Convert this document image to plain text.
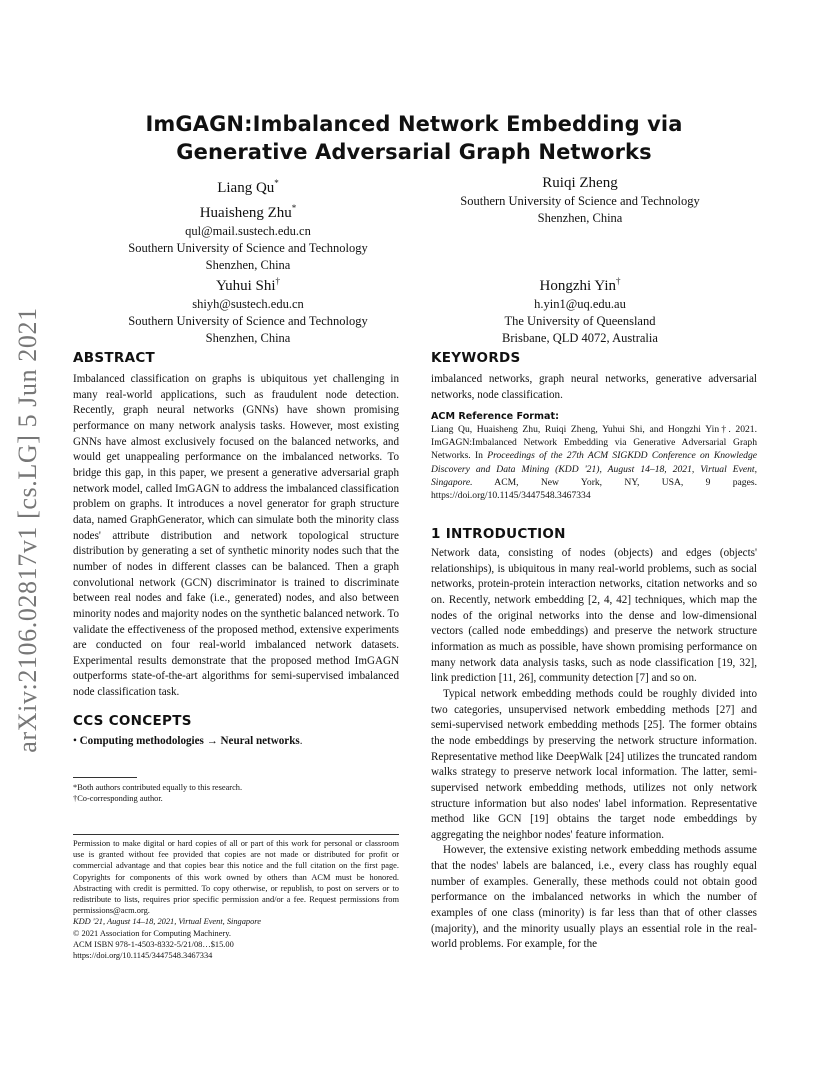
arXiv:2106.02817v1 [cs.LG] 5 Jun 2021
ImGAGN:Imbalanced Network Embedding via
Generative Adversarial Graph Networks
Liang Qu*
Huaisheng Zhu*
qul@mail.sustech.edu.cn
Southern University of Science and Technology
Shenzhen, China
Ruiqi Zheng
Southern University of Science and Technology
Shenzhen, China
Yuhui Shi†
shiyh@sustech.edu.cn
Southern University of Science and Technology
Shenzhen, China
Hongzhi Yin†
h.yin1@uq.edu.au
The University of Queensland
Brisbane, QLD 4072, Australia
ABSTRACT

Imbalanced classification on graphs is ubiquitous yet challenging in many real-world applications, such as fraudulent node detection. Recently, graph neural networks (GNNs) have shown promising performance on many network analysis tasks. However, most existing GNNs have almost exclusively focused on the balanced networks, and would get unappealing performance on the imbalanced networks. To bridge this gap, in this paper, we present a generative adversarial graph network model, called ImGAGN to address the imbalanced classification problem on graphs. It introduces a novel generator for graph structure data, named GraphGenerator, which can simulate both the minority class nodes' attribute distribution and network topological structure distribution by generating a set of synthetic minority nodes such that the number of nodes in different classes can be balanced. Then a graph convolutional network (GCN) discriminator is trained to discriminate between real nodes and fake (i.e., generated) nodes, and also between minority nodes and majority nodes on the synthetic balanced network. To validate the effectiveness of the proposed method, extensive experiments are conducted on four real-world imbalanced network datasets. Experimental results demonstrate that the proposed method ImGAGN outperforms state-of-the-art algorithms for semi-supervised imbalanced node classification task.

CCS CONCEPTS
• Computing methodologies → Neural networks.
*Both authors contributed equally to this research.
†Co-corresponding author.
Permission to make digital or hard copies of all or part of this work for personal or classroom use is granted without fee provided that copies are not made or distributed for profit or commercial advantage and that copies bear this notice and the full citation on the first page. Copyrights for components of this work owned by others than ACM must be honored. Abstracting with credit is permitted. To copy otherwise, or republish, to post on servers or to redistribute to lists, requires prior specific permission and/or a fee. Request permissions from permissions@acm.org.
KDD '21, August 14–18, 2021, Virtual Event, Singapore
© 2021 Association for Computing Machinery.
ACM ISBN 978-1-4503-8332-5/21/08…$15.00
https://doi.org/10.1145/3447548.3467334
KEYWORDS

imbalanced networks, graph neural networks, generative adversarial networks, node classification.

ACM Reference Format:
Liang Qu, Huaisheng Zhu, Ruiqi Zheng, Yuhui Shi, and Hongzhi Yin†. 2021. ImGAGN:Imbalanced Network Embedding via Generative Adversarial Graph Networks. In Proceedings of the 27th ACM SIGKDD Conference on Knowledge Discovery and Data Mining (KDD '21), August 14–18, 2021, Virtual Event, Singapore. ACM, New York, NY, USA, 9 pages. https://doi.org/10.1145/3447548.3467334
1 INTRODUCTION

Network data, consisting of nodes (objects) and edges (objects' relationships), is ubiquitous in many real-world problems, such as social networks, protein-protein interaction networks, citation networks and so on. Recently, network embedding [2, 4, 42] techniques, which map the nodes of the original networks into the dense and low-dimensional vectors (called node embeddings) and preserve the network structure information as much as possible, have shown promising performance on many network data analysis tasks, such as node classification [19, 32], link prediction [11, 26], community detection [7] and so on.

Typical network embedding methods could be roughly divided into two categories, unsupervised network embedding methods [27] and semi-supervised network embedding methods [25]. The former obtains the node embeddings by preserving the network structure information. Representative method like DeepWalk [24] utilizes the truncated random walks strategy to preserve network local information. The latter, semi-supervised network embedding methods, utilizes not only network structure information but also nodes' label information. Representative method like GCN [19] obtains the target node embeddings by aggregating the neighbor nodes' feature information.

However, the extensive existing network embedding methods assume that the nodes' labels are balanced, i.e., every class has roughly equal number of examples. Generally, these methods could not obtain good performance on the imbalanced networks in which the number of examples of one class (minority) is far less than that of other classes (majority), and the minority usually plays an essential role in the real-world problems. For example, for the
